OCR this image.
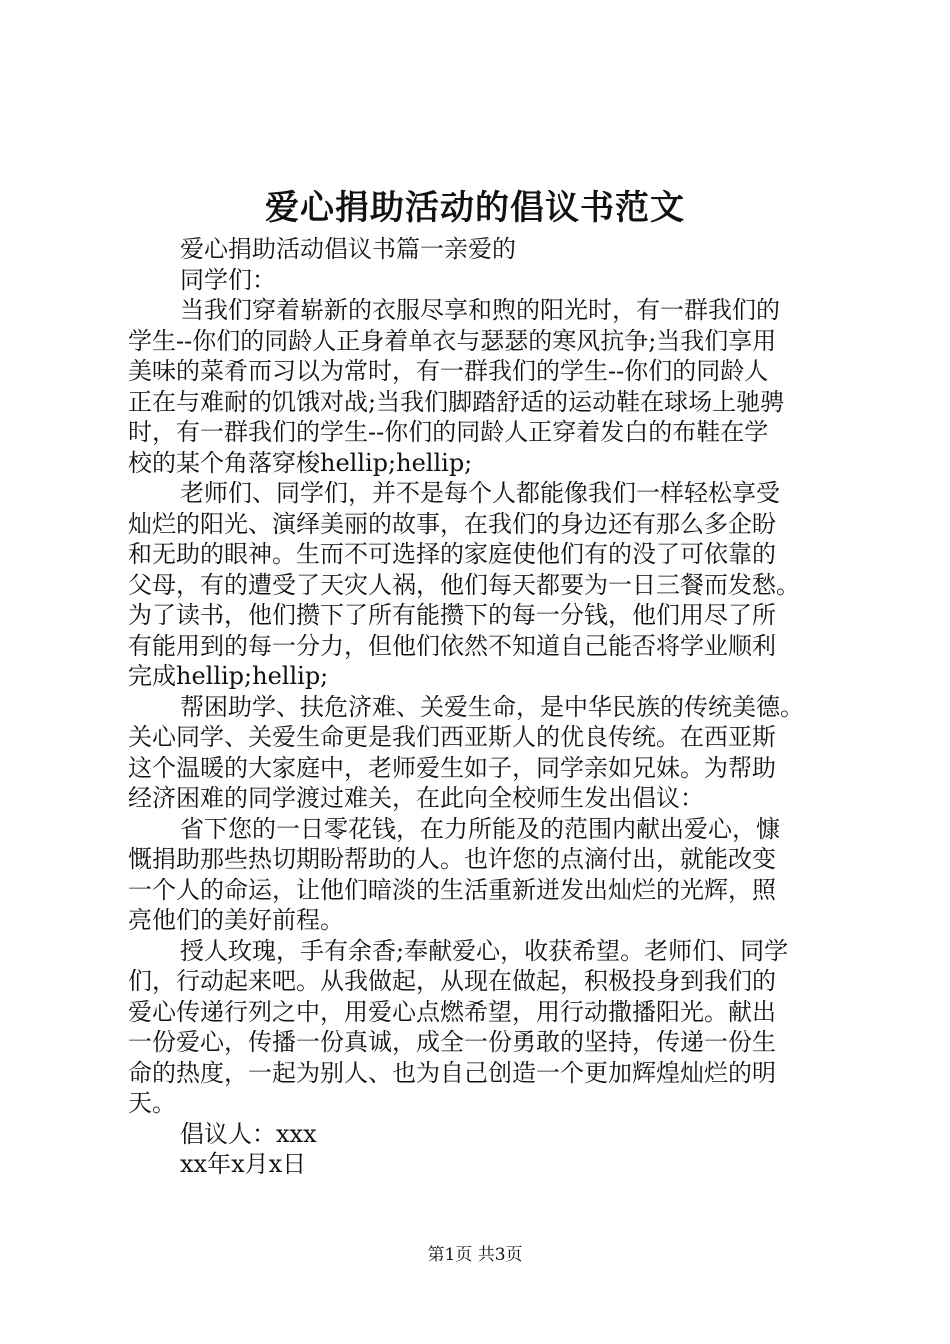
爱心捐助活动的倡议书范文
爱心捐助活动倡议书篇一亲爱的
同学们：
当我们穿着崭新的衣服尽享和煦的阳光时，有一群我们的
学生--你们的同龄人正身着单衣与瑟瑟的寒风抗争;当我们享用
美味的菜肴而习以为常时，有一群我们的学生--你们的同龄人
正在与难耐的饥饿对战;当我们脚踏舒适的运动鞋在球场上驰骋
时，有一群我们的学生--你们的同龄人正穿着发白的布鞋在学
校的某个角落穿梭hellip;hellip;
老师们、同学们，并不是每个人都能像我们一样轻松享受
灿烂的阳光、演绎美丽的故事，在我们的身边还有那么多企盼
和无助的眼神。生而不可选择的家庭使他们有的没了可依靠的
父母，有的遭受了天灾人祸，他们每天都要为一日三餐而发愁。
为了读书，他们攒下了所有能攒下的每一分钱，他们用尽了所
有能用到的每一分力，但他们依然不知道自己能否将学业顺利
完成hellip;hellip;
帮困助学、扶危济难、关爱生命，是中华民族的传统美德。
关心同学、关爱生命更是我们西亚斯人的优良传统。在西亚斯
这个温暖的大家庭中，老师爱生如子，同学亲如兄妹。为帮助
经济困难的同学渡过难关，在此向全校师生发出倡议：
省下您的一日零花钱，在力所能及的范围内献出爱心，慷
慨捐助那些热切期盼帮助的人。也许您的点滴付出，就能改变
一个人的命运，让他们暗淡的生活重新迸发出灿烂的光辉，照
亮他们的美好前程。
授人玫瑰，手有余香;奉献爱心，收获希望。老师们、同学
们，行动起来吧。从我做起，从现在做起，积极投身到我们的
爱心传递行列之中，用爱心点燃希望，用行动撒播阳光。献出
一份爱心，传播一份真诚，成全一份勇敢的坚持，传递一份生
命的热度，一起为别人、也为自己创造一个更加辉煌灿烂的明
天。
倡议人：xxx
xx年x月x日
第1页 共3页
